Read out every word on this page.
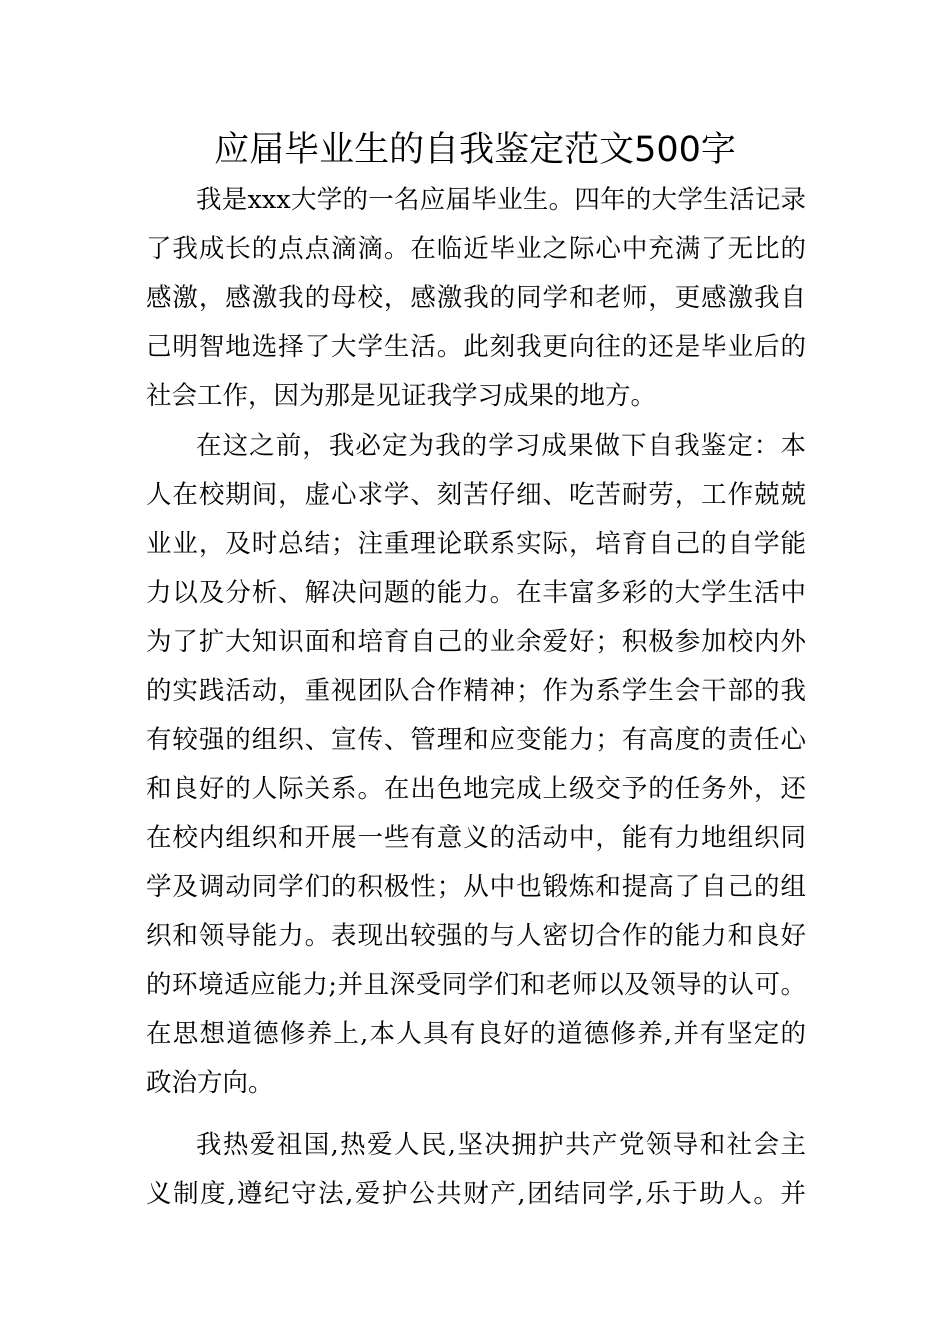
应届毕业生的自我鉴定范文500字
我是xxx大学的一名应届毕业生。四年的大学生活记录
了我成长的点点滴滴。在临近毕业之际心中充满了无比的
感激，感激我的母校，感激我的同学和老师，更感激我自
己明智地选择了大学生活。此刻我更向往的还是毕业后的
社会工作，因为那是见证我学习成果的地方。
在这之前，我必定为我的学习成果做下自我鉴定：本
人在校期间，虚心求学、刻苦仔细、吃苦耐劳，工作兢兢
业业，及时总结；注重理论联系实际，培育自己的自学能
力以及分析、解决问题的能力。在丰富多彩的大学生活中
为了扩大知识面和培育自己的业余爱好；积极参加校内外
的实践活动，重视团队合作精神；作为系学生会干部的我
有较强的组织、宣传、管理和应变能力；有高度的责任心
和良好的人际关系。在出色地完成上级交予的任务外，还
在校内组织和开展一些有意义的活动中，能有力地组织同
学及调动同学们的积极性；从中也锻炼和提高了自己的组
织和领导能力。表现出较强的与人密切合作的能力和良好
的环境适应能力;并且深受同学们和老师以及领导的认可。
在思想道德修养上,本人具有良好的道德修养,并有坚定的
政治方向。
我热爱祖国,热爱人民,坚决拥护共产党领导和社会主
义制度,遵纪守法,爱护公共财产,团结同学,乐于助人。并
